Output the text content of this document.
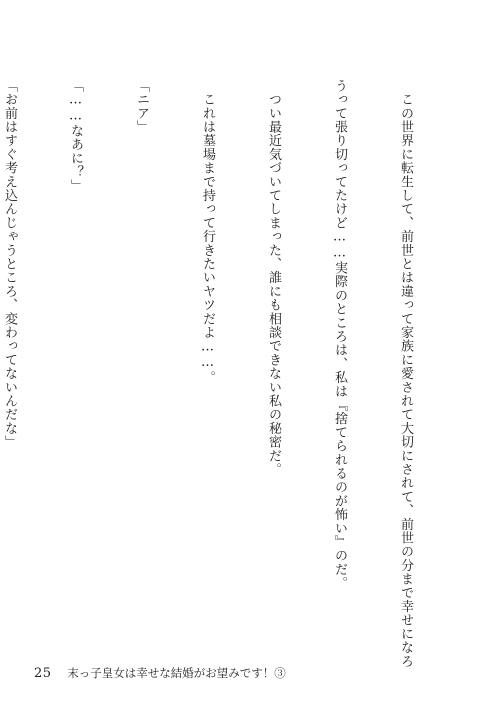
　この世界に転生して、前世とは違って家族に愛されて大切にされて、前世の分まで幸せになろ

うって張り切ってたけど……実際のところは、私は『捨てられるのが怖い』のだ。

　つい最近気づいてしまった、誰にも相談できない私の秘密だ。

　これは墓場まで持って行きたいヤツだよ……。

「ニア」

「……なあに？」

「お前はすぐ考え込んじゃうところ、変わってないんだな」

25 末っ子皇女は幸せな結婚がお望みです！③
